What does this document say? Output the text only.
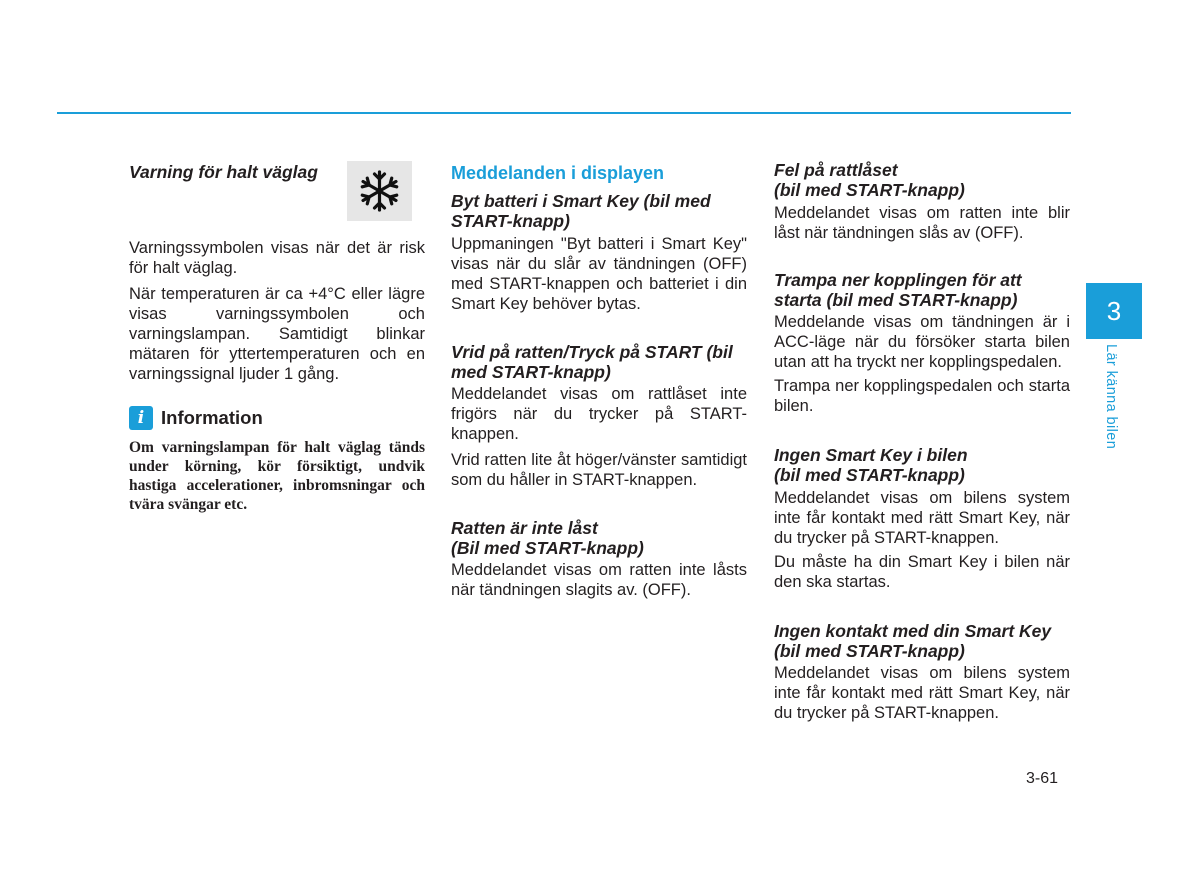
Varning för halt väglag

Varningssymbolen visas när det är risk för halt väglag.

När temperaturen är ca +4°C eller lägre visas varningssymbolen och varningslampan. Samtidigt blinkar mätaren för yttertemperaturen och en varningssignal ljuder 1 gång.

i Information

Om varningslampan för halt väglag tänds under körning, kör försiktigt, undvik hastiga accelerationer, inbromsningar och tvära svängar etc.

Meddelanden i displayen

Byt batteri i Smart Key (bil med START-knapp)

Uppmaningen "Byt batteri i Smart Key" visas när du slår av tändningen (OFF) med START-knappen och batteriet i din Smart Key behöver bytas.

Vrid på ratten/Tryck på START (bil med START-knapp)

Meddelandet visas om rattlåset inte frigörs när du trycker på START-knappen.

Vrid ratten lite åt höger/vänster samtidigt som du håller in START-knappen.

Ratten är inte låst

(Bil med START-knapp)

Meddelandet visas om ratten inte låsts när tändningen slagits av. (OFF).

Fel på rattlåset

(bil med START-knapp)

Meddelandet visas om ratten inte blir låst när tändningen slås av (OFF).

Trampa ner kopplingen för att starta (bil med START-knapp)

Meddelande visas om tändningen är i ACC-läge när du försöker starta bilen utan att ha tryckt ner kopplingspedalen.

Trampa ner kopplingspedalen och starta bilen.

Ingen Smart Key i bilen

(bil med START-knapp)

Meddelandet visas om bilens system inte får kontakt med rätt Smart Key, när du trycker på START-knappen.

Du måste ha din Smart Key i bilen när den ska startas.

Ingen kontakt med din Smart Key (bil med START-knapp)

Meddelandet visas om bilens system inte får kontakt med rätt Smart Key, när du trycker på START-knappen.

3
Lär känna bilen
3-61
